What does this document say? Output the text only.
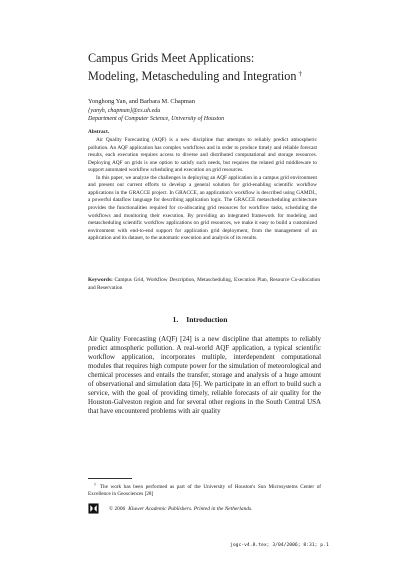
Campus Grids Meet Applications:
Modeling, Metascheduling and Integration †
Yonghong Yan, and Barbara M. Chapman
{yanyh, chapman}@cs.uh.edu
Department of Computer Science, University of Houston
Abstract.

Air Quality Forecasting (AQF) is a new discipline that attempts to reliably predict atmospheric pollution. An AQF application has complex workflows and in order to produce timely and reliable forecast results, each execution requires access to diverse and distributed computational and storage resources. Deploying AQF on grids is one option to satisfy such needs, but requires the related grid middleware to support automated workflow scheduling and execution on grid resources.

In this paper, we analyze the challenges in deploying an AQF application in a campus grid environment and present our current efforts to develop a general solution for grid-enabling scientific workflow applications in the GRACCE project. In GRACCE, an application's workflow is described using GAMDL, a powerful dataflow language for describing application logic. The GRACCE metascheduling architecture provides the functionalities required for co-allocating grid resources for workflow tasks, scheduling the workflows and monitoring their execution. By providing an integrated framework for modeling and metascheduling scientific workflow applications on grid resources, we make it easy to build a customized environment with end-to-end support for application grid deployment, from the management of an application and its dataset, to the automatic execution and analysis of its results.

Keywords: Campus Grid, Workflow Description, Metascheduling, Execution Plan, Resource Co-allocation and Reservation
1. Introduction

Air Quality Forecasting (AQF) [24] is a new discipline that attempts to reliably predict atmospheric pollution. A real-world AQF application, a typical scientific workflow application, incorporates multiple, interdependent computational modules that requires high compute power for the simulation of meteorological and chemical processes and entails the transfer, storage and analysis of a huge amount of observational and simulation data [6]. We participate in an effort to build such a service, with the goal of providing timely, reliable forecasts of air quality for the Houston-Galveston region and for several other regions in the South Central USA that have encountered problems with air quality

† The work has been performed as part of the University of Houston's Sun Microsystems Center of Excellence in Geosciences [28]

© 2006 Kluwer Academic Publishers. Printed in the Netherlands.
jogc-v4.8.tex; 3/04/2006; 8:31; p.1
